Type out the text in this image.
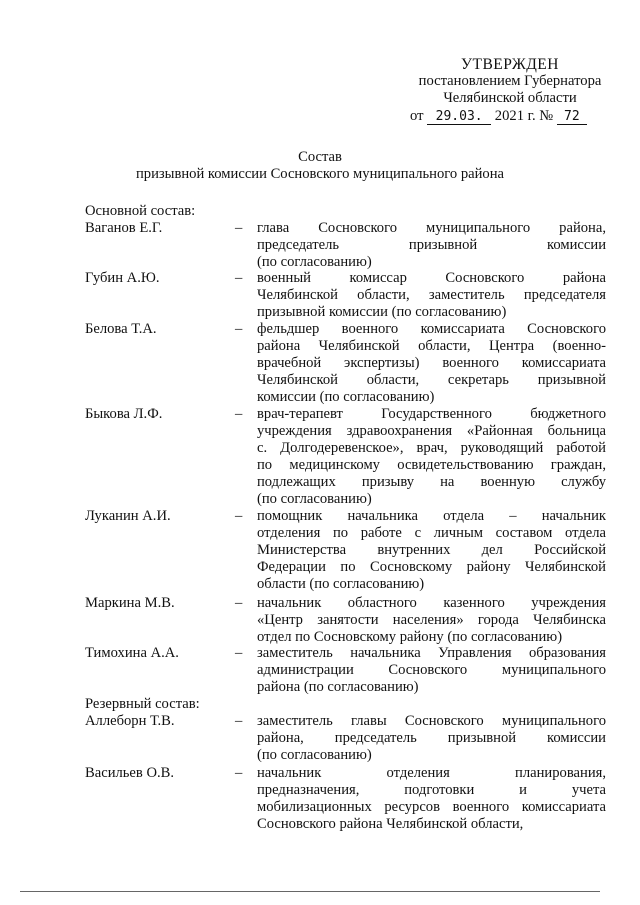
УТВЕРЖДЕН
постановлением Губернатора
Челябинской области
от 29.03. 2021 г. № 72
Состав
призывной комиссии Сосновского муниципального района
Основной состав:
Ваганов Е.Г.	– глава Сосновского муниципального района,
председатель призывной комиссии
(по согласованию)
Губин А.Ю.	– военный комиссар Сосновского района
Челябинской области, заместитель председателя
призывной комиссии (по согласованию)
Белова Т.А.	– фельдшер военного комиссариата Сосновского
района Челябинской области, Центра (военно-
врачебной экспертизы) военного комиссариата
Челябинской области, секретарь призывной
комиссии (по согласованию)
Быкова Л.Ф.	– врач-терапевт Государственного бюджетного
учреждения здравоохранения «Районная больница
с. Долгодеревенское», врач, руководящий работой
по медицинскому освидетельствованию граждан,
подлежащих призыву на военную службу
(по согласованию)
Луканин А.И.	– помощник начальника отдела – начальник
отделения по работе с личным составом отдела
Министерства внутренних дел Российской
Федерации по Сосновскому району Челябинской
области (по согласованию)
Маркина М.В.	– начальник областного казенного учреждения
«Центр занятости населения» города Челябинска
отдел по Сосновскому району (по согласованию)
Тимохина А.А.	– заместитель начальника Управления образования
администрации Сосновского муниципального
района (по согласованию)
Резервный состав:
Аллеборн Т.В.	– заместитель главы Сосновского муниципального
района, председатель призывной комиссии
(по согласованию)
Васильев О.В.	– начальник отделения планирования,
предназначения, подготовки и учета
мобилизационных ресурсов военного комиссариата
Сосновского района Челябинской области,
